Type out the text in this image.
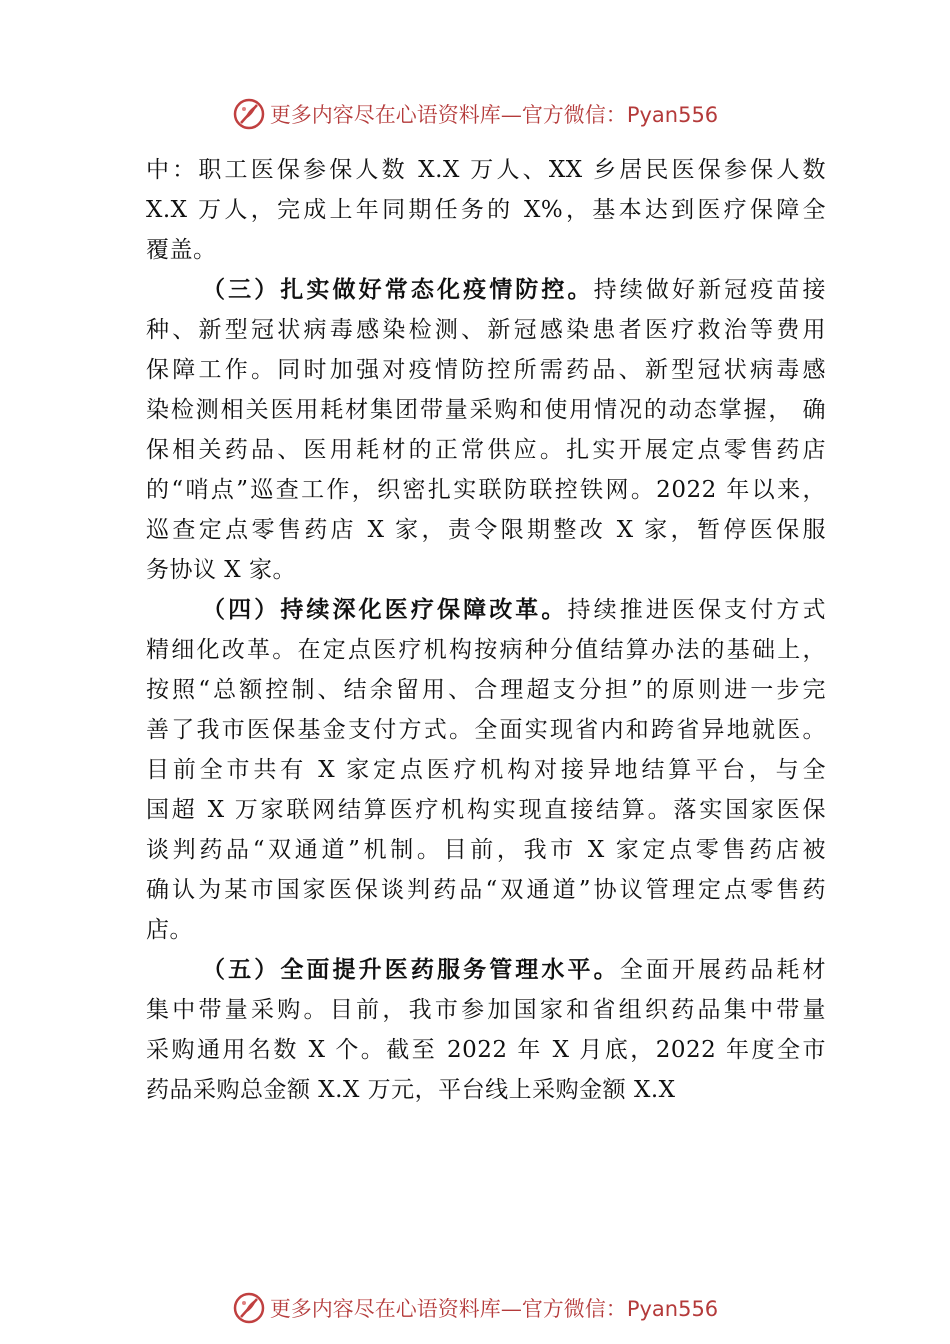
更多内容尽在心语资料库—官方微信：Pyan556
中：职工医保参保人数 X.X 万人、XX 乡居民医保参保人数
X.X 万人，完成上年同期任务的 X%，基本达到医疗保障全
覆盖。
（三）扎实做好常态化疫情防控。持续做好新冠疫苗接
种、新型冠状病毒感染检测、新冠感染患者医疗救治等费用
保障工作。同时加强对疫情防控所需药品、新型冠状病毒感
染检测相关医用耗材集团带量采购和使用情况的动态掌握， 确
保相关药品、医用耗材的正常供应。扎实开展定点零售药店
的“哨点”巡查工作，织密扎实联防联控铁网。2022 年以来，
巡查定点零售药店 X 家，责令限期整改 X 家，暂停医保服
务协议 X 家。
（四）持续深化医疗保障改革。持续推进医保支付方式
精细化改革。在定点医疗机构按病种分值结算办法的基础上，
按照“总额控制、结余留用、合理超支分担”的原则进一步完
善了我市医保基金支付方式。全面实现省内和跨省异地就医。
目前全市共有 X 家定点医疗机构对接异地结算平台，与全
国超 X 万家联网结算医疗机构实现直接结算。落实国家医保
谈判药品“双通道”机制。目前，我市 X 家定点零售药店被
确认为某市国家医保谈判药品“双通道”协议管理定点零售药
店。
（五）全面提升医药服务管理水平。全面开展药品耗材
集中带量采购。目前，我市参加国家和省组织药品集中带量
采购通用名数 X 个。截至 2022 年 X 月底，2022 年度全市
药品采购总金额 X.X 万元，平台线上采购金额 X.X
更多内容尽在心语资料库—官方微信：Pyan556
